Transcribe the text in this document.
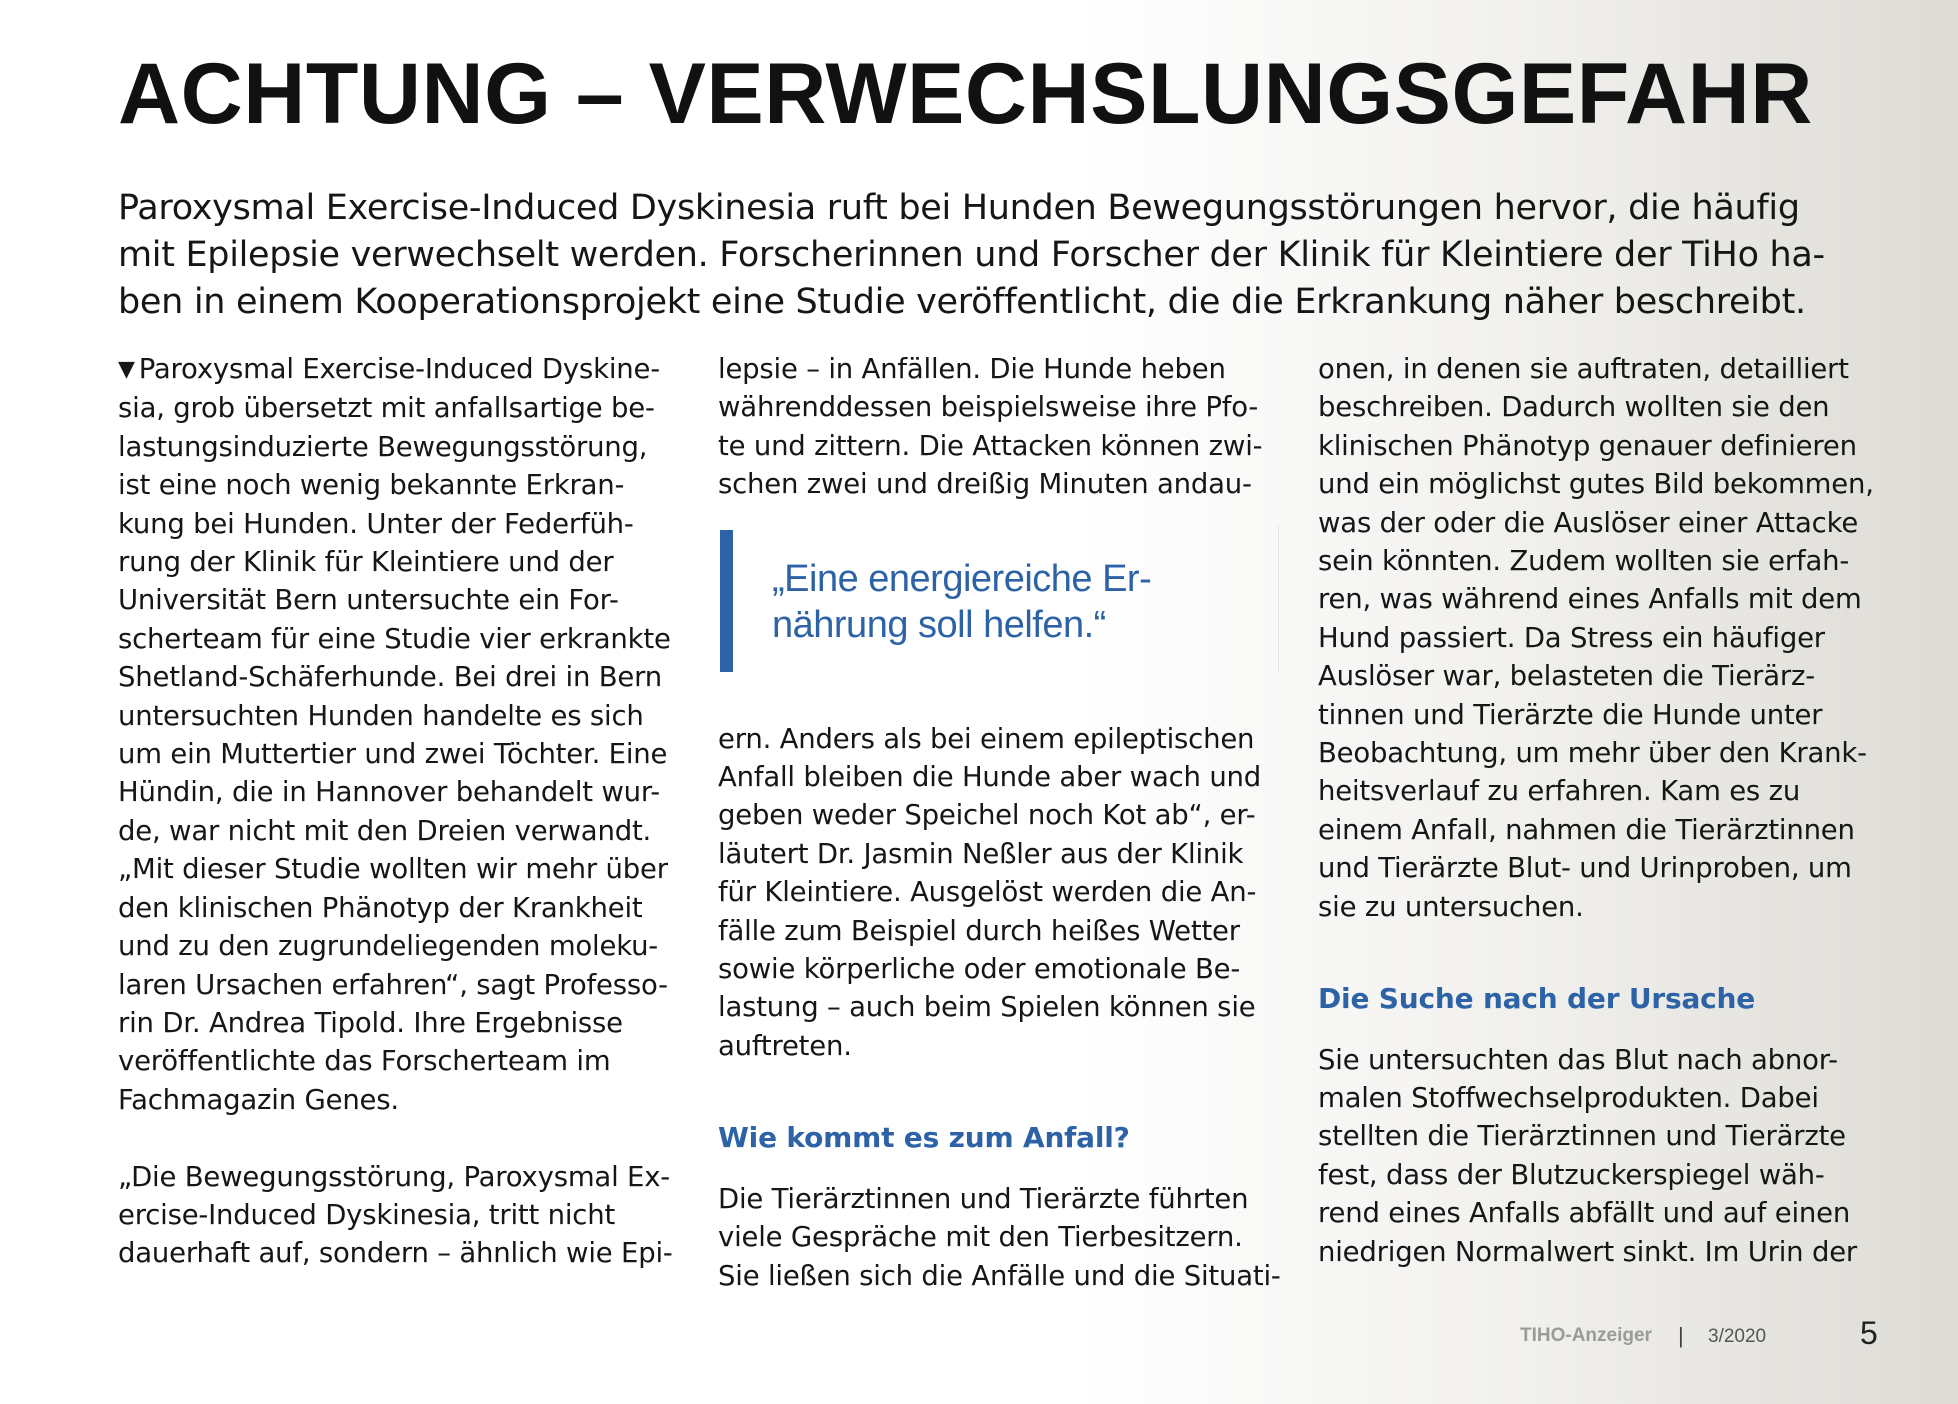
ACHTUNG – VERWECHSLUNGSGEFAHR
Paroxysmal Exercise-Induced Dyskinesia ruft bei Hunden Bewegungsstörungen hervor, die häufig
mit Epilepsie verwechselt werden. Forscherinnen und Forscher der Klinik für Kleintiere der TiHo ha-
ben in einem Kooperationsprojekt eine Studie veröffentlicht, die die Erkrankung näher beschreibt.

▼ Paroxysmal Exercise-Induced Dyskine-
sia, grob übersetzt mit anfallsartige be-
lastungsinduzierte Bewegungsstörung,
ist eine noch wenig bekannte Erkran-
kung bei Hunden. Unter der Federfüh-
rung der Klinik für Kleintiere und der
Universität Bern untersuchte ein For-
scherteam für eine Studie vier erkrankte
Shetland-Schäferhunde. Bei drei in Bern
untersuchten Hunden handelte es sich
um ein Muttertier und zwei Töchter. Eine
Hündin, die in Hannover behandelt wur-
de, war nicht mit den Dreien verwandt.
„Mit dieser Studie wollten wir mehr über
den klinischen Phänotyp der Krankheit
und zu den zugrundeliegenden moleku-
laren Ursachen erfahren“, sagt Professo-
rin Dr. Andrea Tipold. Ihre Ergebnisse
veröffentlichte das Forscherteam im
Fachmagazin Genes.

„Die Bewegungsstörung, Paroxysmal Ex-
ercise-Induced Dyskinesia, tritt nicht
dauerhaft auf, sondern – ähnlich wie Epi-

lepsie – in Anfällen. Die Hunde heben
währenddessen beispielsweise ihre Pfo-
te und zittern. Die Attacken können zwi-
schen zwei und dreißig Minuten andau-

ern. Anders als bei einem epileptischen
Anfall bleiben die Hunde aber wach und
geben weder Speichel noch Kot ab“, er-
läutert Dr. Jasmin Neßler aus der Klinik
für Kleintiere. Ausgelöst werden die An-
fälle zum Beispiel durch heißes Wetter
sowie körperliche oder emotionale Be-
lastung – auch beim Spielen können sie
auftreten.

Wie kommt es zum Anfall?

Die Tierärztinnen und Tierärzte führten
viele Gespräche mit den Tierbesitzern.
Sie ließen sich die Anfälle und die Situati-

„Eine energiereiche Er-
nährung soll helfen.“

onen, in denen sie auftraten, detailliert
beschreiben. Dadurch wollten sie den
klinischen Phänotyp genauer definieren
und ein möglichst gutes Bild bekommen,
was der oder die Auslöser einer Attacke
sein könnten. Zudem wollten sie erfah-
ren, was während eines Anfalls mit dem
Hund passiert. Da Stress ein häufiger
Auslöser war, belasteten die Tierärz-
tinnen und Tierärzte die Hunde unter
Beobachtung, um mehr über den Krank-
heitsverlauf zu erfahren. Kam es zu
einem Anfall, nahmen die Tierärztinnen
und Tierärzte Blut- und Urinproben, um
sie zu untersuchen.

Die Suche nach der Ursache

Sie untersuchten das Blut nach abnor-
malen Stoffwechselprodukten. Dabei
stellten die Tierärztinnen und Tierärzte
fest, dass der Blutzuckerspiegel wäh-
rend eines Anfalls abfällt und auf einen
niedrigen Normalwert sinkt. Im Urin der

TIHO-Anzeiger | 3/2020	5
